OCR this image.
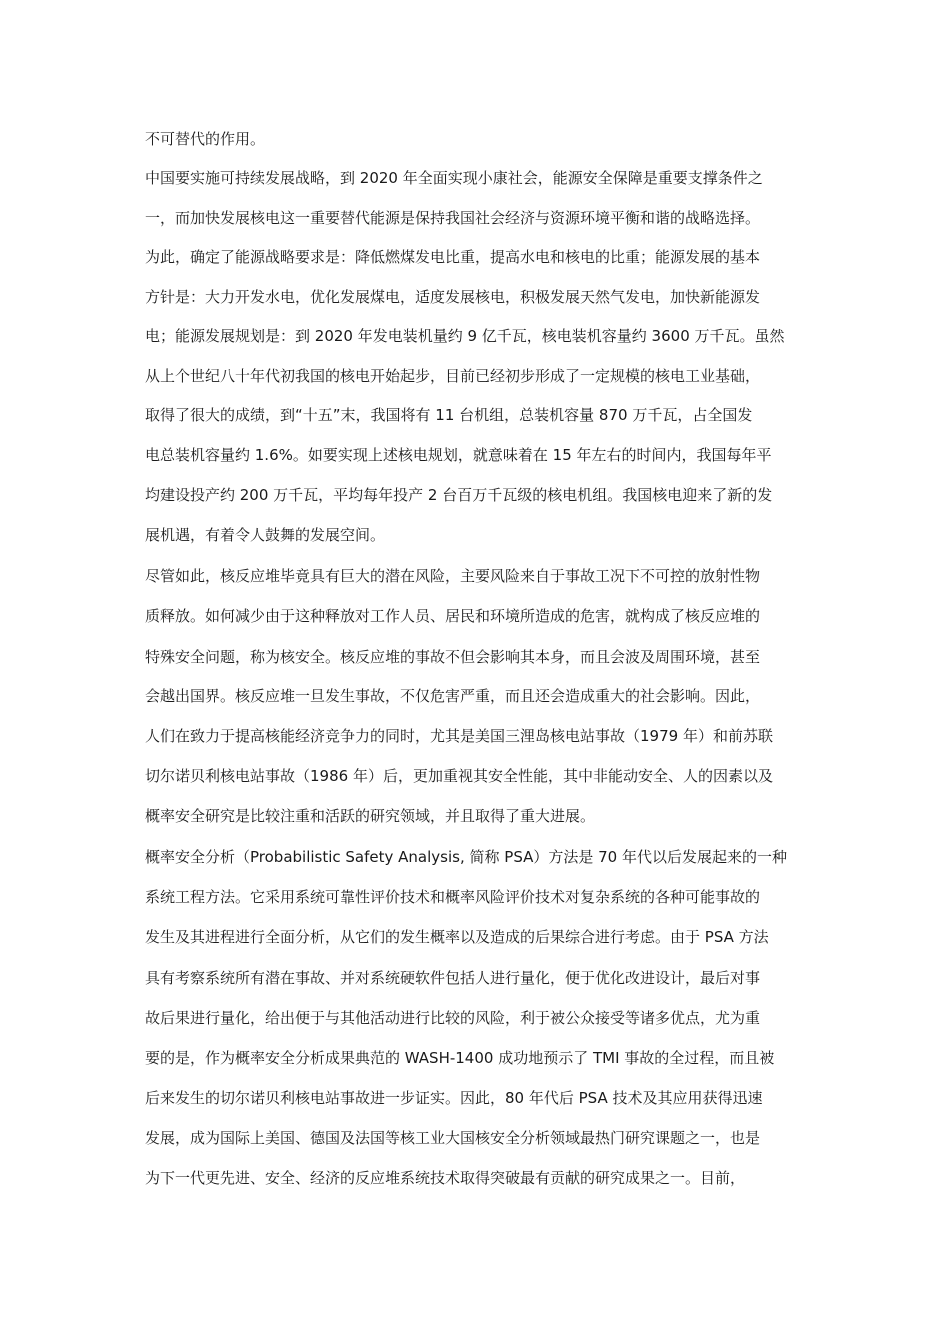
不可替代的作用。
中国要实施可持续发展战略，到 2020 年全面实现小康社会，能源安全保障是重要支撑条件之
一，而加快发展核电这一重要替代能源是保持我国社会经济与资源环境平衡和谐的战略选择。
为此，确定了能源战略要求是：降低燃煤发电比重，提高水电和核电的比重；能源发展的基本
方针是：大力开发水电，优化发展煤电，适度发展核电，积极发展天然气发电，加快新能源发
电；能源发展规划是：到 2020 年发电装机量约 9 亿千瓦，核电装机容量约 3600 万千瓦。虽然
从上个世纪八十年代初我国的核电开始起步，目前已经初步形成了一定规模的核电工业基础，
取得了很大的成绩，到“十五”末，我国将有 11 台机组，总装机容量 870 万千瓦，占全国发
电总装机容量约 1.6%。如要实现上述核电规划，就意味着在 15 年左右的时间内，我国每年平
均建设投产约 200 万千瓦，平均每年投产 2 台百万千瓦级的核电机组。我国核电迎来了新的发
展机遇，有着令人鼓舞的发展空间。
尽管如此，核反应堆毕竟具有巨大的潜在风险，主要风险来自于事故工况下不可控的放射性物
质释放。如何减少由于这种释放对工作人员、居民和环境所造成的危害，就构成了核反应堆的
特殊安全问题，称为核安全。核反应堆的事故不但会影响其本身，而且会波及周围环境，甚至
会越出国界。核反应堆一旦发生事故，不仅危害严重，而且还会造成重大的社会影响。因此，
人们在致力于提高核能经济竞争力的同时，尤其是美国三浬岛核电站事故（1979 年）和前苏联
切尔诺贝利核电站事故（1986 年）后，更加重视其安全性能，其中非能动安全、人的因素以及
概率安全研究是比较注重和活跃的研究领域，并且取得了重大进展。
概率安全分析（Probabilistic Safety Analysis, 简称 PSA）方法是 70 年代以后发展起来的一种
系统工程方法。它采用系统可靠性评价技术和概率风险评价技术对复杂系统的各种可能事故的
发生及其进程进行全面分析，从它们的发生概率以及造成的后果综合进行考虑。由于 PSA 方法
具有考察系统所有潜在事故、并对系统硬软件包括人进行量化，便于优化改进设计，最后对事
故后果进行量化，给出便于与其他活动进行比较的风险，利于被公众接受等诸多优点，尤为重
要的是，作为概率安全分析成果典范的 WASH-1400 成功地预示了 TMI 事故的全过程，而且被
后来发生的切尔诺贝利核电站事故进一步证实。因此，80 年代后 PSA 技术及其应用获得迅速
发展，成为国际上美国、德国及法国等核工业大国核安全分析领域最热门研究课题之一，也是
为下一代更先进、安全、经济的反应堆系统技术取得突破最有贡献的研究成果之一。目前，
